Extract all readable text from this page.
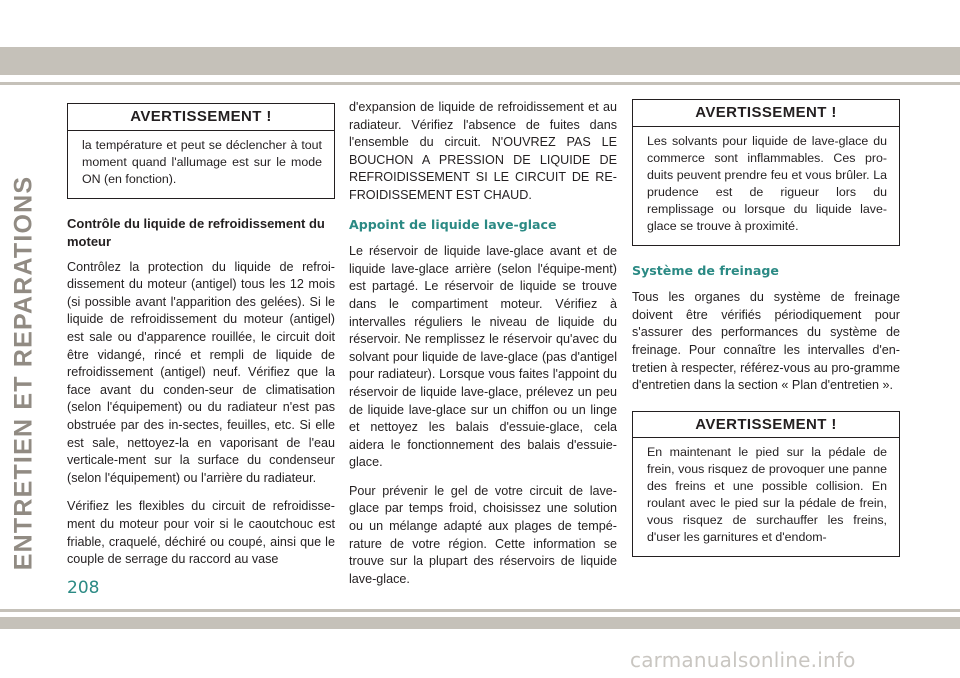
ENTRETIEN ET REPARATIONS
AVERTISSEMENT !
la température et peut se déclencher à tout moment quand l'allumage est sur le mode ON (en fonction).
Contrôle du liquide de refroidissement du moteur

Contrôlez la protection du liquide de refroi-dissement du moteur (antigel) tous les 12 mois (si possible avant l'apparition des gelées). Si le liquide de refroidissement du moteur (antigel) est sale ou d'apparence rouillée, le circuit doit être vidangé, rincé et rempli de liquide de refroidissement (antigel) neuf. Vérifiez que la face avant du conden-seur de climatisation (selon l'équipement) ou du radiateur n'est pas obstruée par des in-sectes, feuilles, etc. Si elle est sale, nettoyez-la en vaporisant de l'eau verticale-ment sur la surface du condenseur (selon l'équipement) ou l'arrière du radiateur.

Vérifiez les flexibles du circuit de refroidisse-ment du moteur pour voir si le caoutchouc est friable, craquelé, déchiré ou coupé, ainsi que le couple de serrage du raccord au vase

d'expansion de liquide de refroidissement et au radiateur. Vérifiez l'absence de fuites dans l'ensemble du circuit. N'OUVREZ PAS LE BOUCHON A PRESSION DE LIQUIDE DE REFROIDISSEMENT SI LE CIRCUIT DE RE-FROIDISSEMENT EST CHAUD.

Appoint de liquide lave-glace

Le réservoir de liquide lave-glace avant et de liquide lave-glace arrière (selon l'équipe-ment) est partagé. Le réservoir de liquide se trouve dans le compartiment moteur. Vérifiez à intervalles réguliers le niveau de liquide du réservoir. Ne remplissez le réservoir qu'avec du solvant pour liquide de lave-glace (pas d'antigel pour radiateur). Lorsque vous faites l'appoint du réservoir de liquide lave-glace, prélevez un peu de liquide lave-glace sur un chiffon ou un linge et nettoyez les balais d'essuie-glace, cela aidera le fonctionnement des balais d'essuie-glace.

Pour prévenir le gel de votre circuit de lave-glace par temps froid, choisissez une solution ou un mélange adapté aux plages de tempé-rature de votre région. Cette information se trouve sur la plupart des réservoirs de liquide lave-glace.

AVERTISSEMENT !
Les solvants pour liquide de lave-glace du commerce sont inflammables. Ces pro-duits peuvent prendre feu et vous brûler. La prudence est de rigueur lors du remplissage ou lorsque du liquide lave-glace se trouve à proximité.
Système de freinage

Tous les organes du système de freinage doivent être vérifiés périodiquement pour s'assurer des performances du système de freinage. Pour connaître les intervalles d'en-tretien à respecter, référez-vous au pro-gramme d'entretien dans la section « Plan d'entretien ».

AVERTISSEMENT !
En maintenant le pied sur la pédale de frein, vous risquez de provoquer une panne des freins et une possible collision. En roulant avec le pied sur la pédale de frein, vous risquez de surchauffer les freins, d'user les garnitures et d'endom-
208
carmanualsonline.info
